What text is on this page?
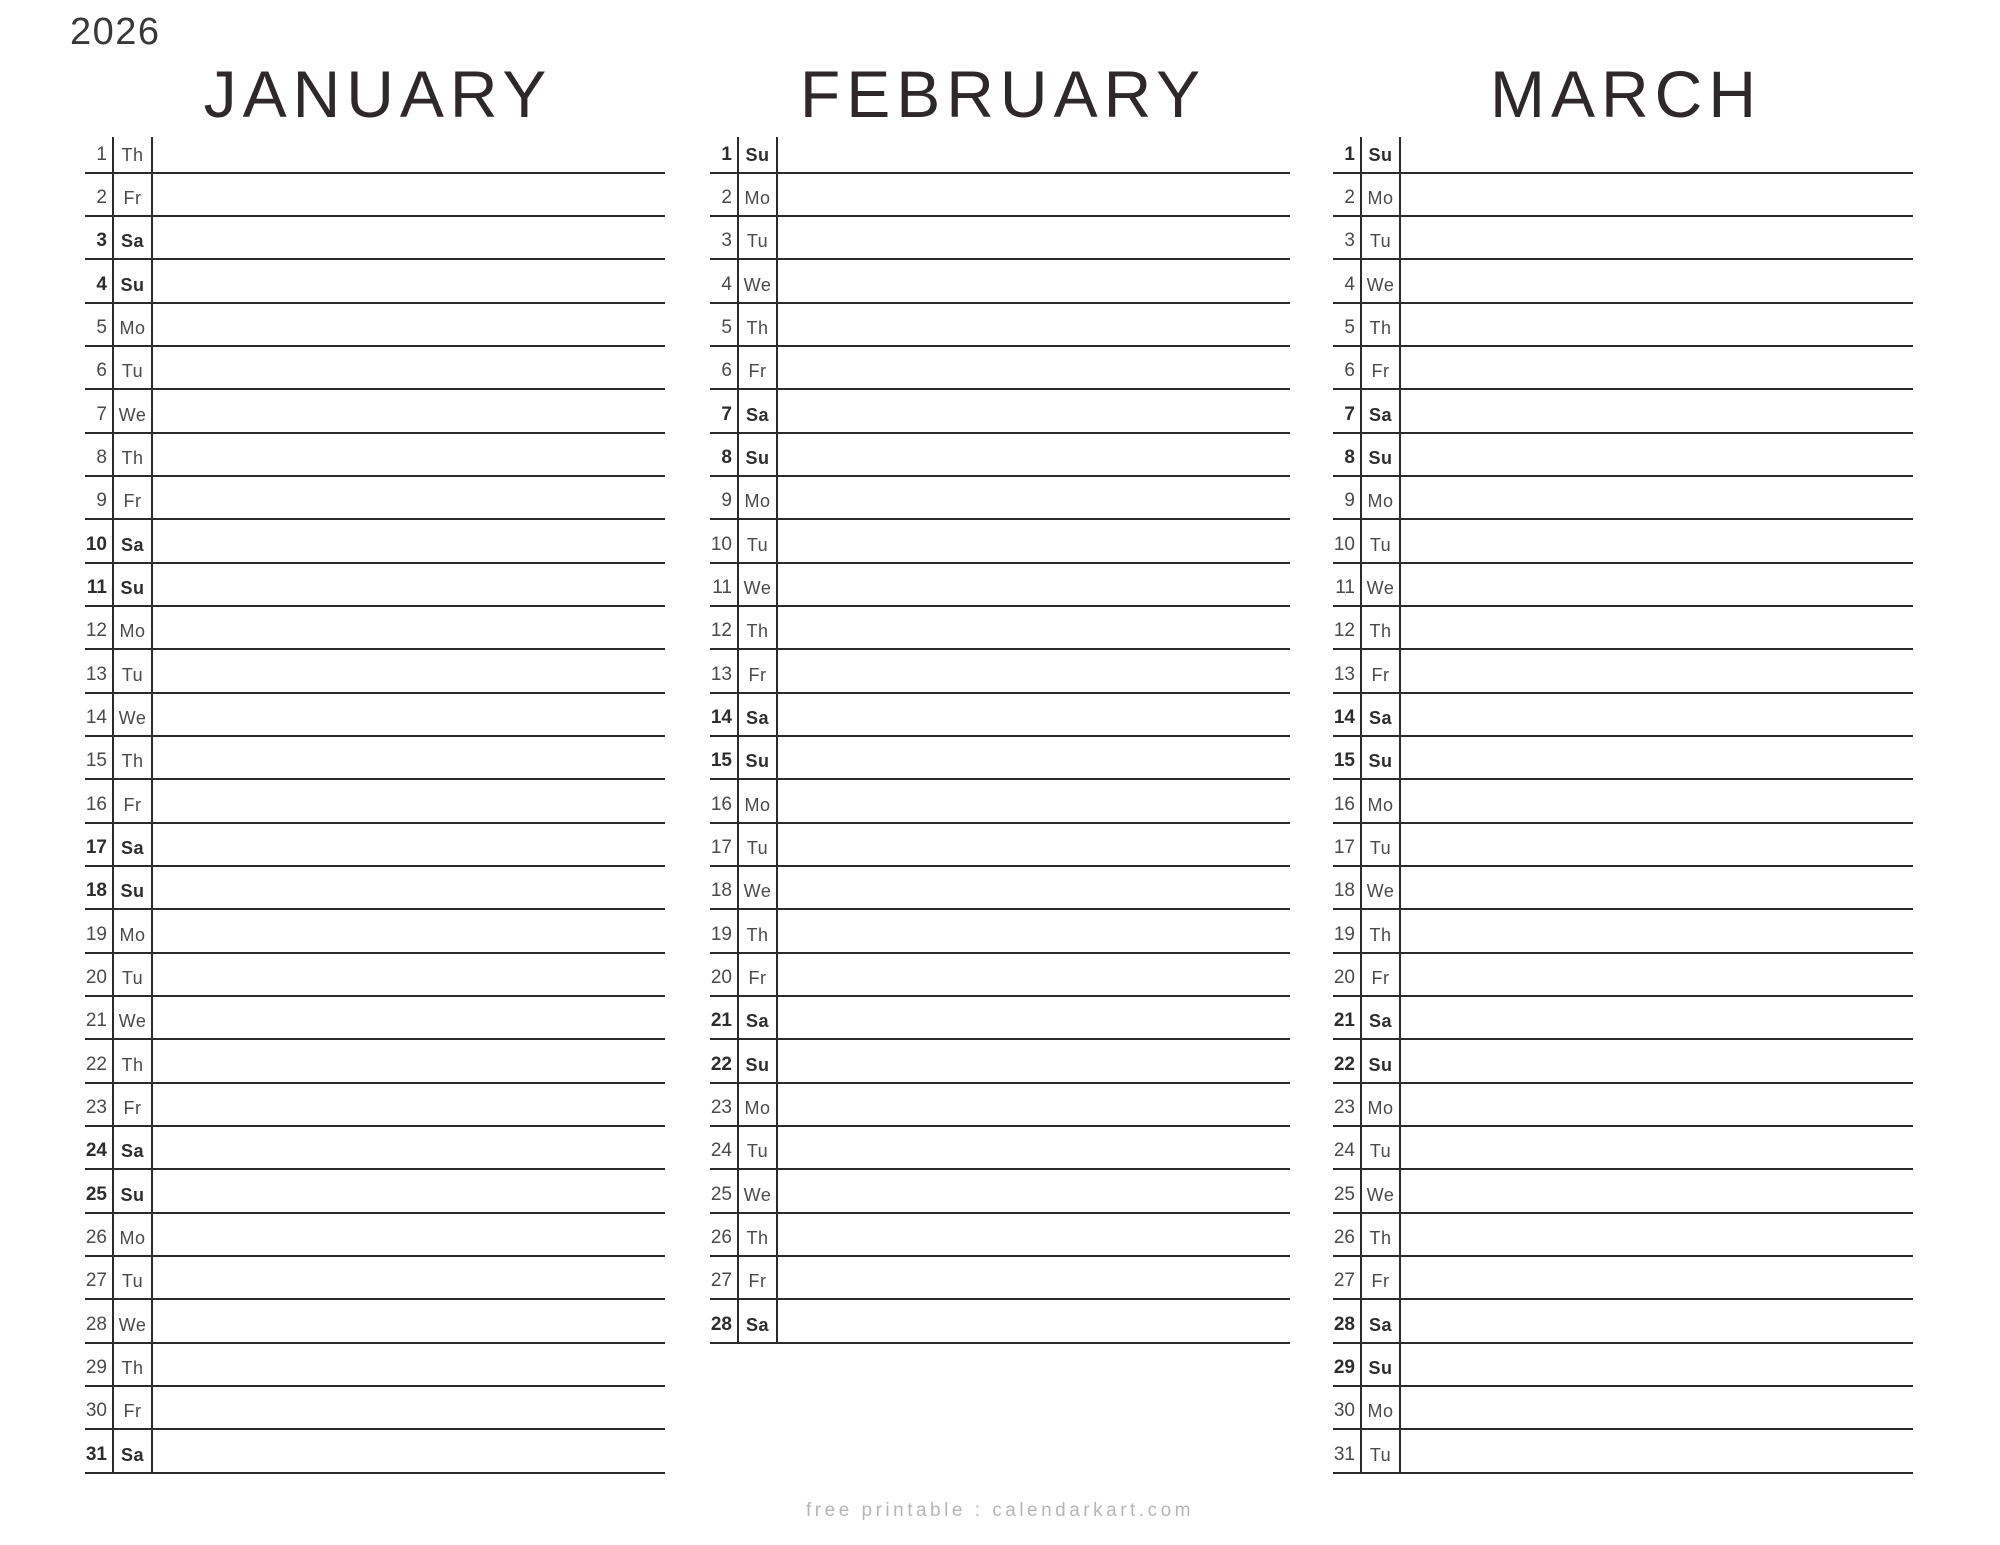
2026
JANUARY
1 Th
2 Fr
3 Sa
4 Su
5 Mo
6 Tu
7 We
8 Th
9 Fr
10 Sa
11 Su
12 Mo
13 Tu
14 We
15 Th
16 Fr
17 Sa
18 Su
19 Mo
20 Tu
21 We
22 Th
23 Fr
24 Sa
25 Su
26 Mo
27 Tu
28 We
29 Th
30 Fr
31 Sa
FEBRUARY
1 Su
2 Mo
3 Tu
4 We
5 Th
6 Fr
7 Sa
8 Su
9 Mo
10 Tu
11 We
12 Th
13 Fr
14 Sa
15 Su
16 Mo
17 Tu
18 We
19 Th
20 Fr
21 Sa
22 Su
23 Mo
24 Tu
25 We
26 Th
27 Fr
28 Sa
MARCH
1 Su
2 Mo
3 Tu
4 We
5 Th
6 Fr
7 Sa
8 Su
9 Mo
10 Tu
11 We
12 Th
13 Fr
14 Sa
15 Su
16 Mo
17 Tu
18 We
19 Th
20 Fr
21 Sa
22 Su
23 Mo
24 Tu
25 We
26 Th
27 Fr
28 Sa
29 Su
30 Mo
31 Tu
free printable : calendarkart.com
